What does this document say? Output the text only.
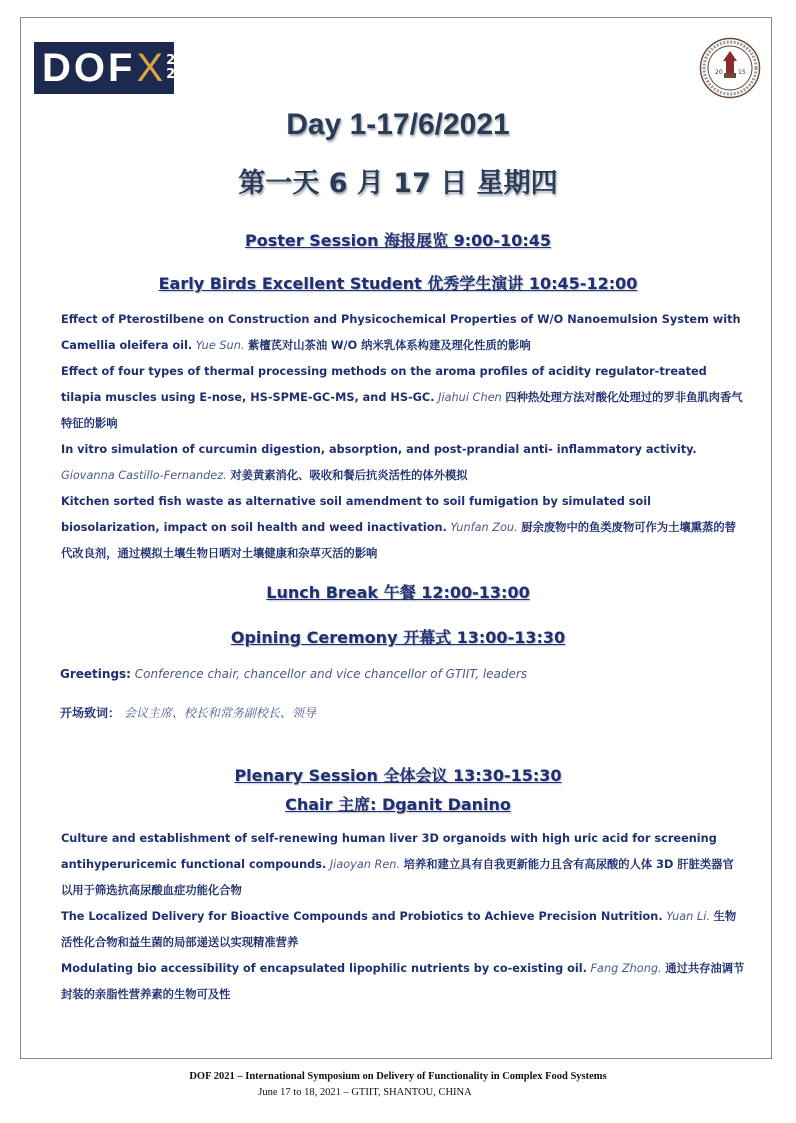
DOF X 20
21	20	15
Day 1-17/6/2021
第一天 6 月 17 日 星期四
Poster Session 海报展览 9:00-10:45
Early Birds Excellent Student 优秀学生演讲 10:45-12:00
Effect of Pterostilbene on Construction and Physicochemical Properties of W/O Nanoemulsion System with Camellia oleifera oil. Yue Sun. 紫檀芪对山茶油 W/O 纳米乳体系构建及理化性质的影响
Effect of four types of thermal processing methods on the aroma profiles of acidity regulator-treated tilapia muscles using E-nose, HS-SPME-GC-MS, and HS-GC. Jiahui Chen 四种热处理方法对酸化处理过的罗非鱼肌肉香气特征的影响
In vitro simulation of curcumin digestion, absorption, and post-prandial anti- inflammatory activity. Giovanna Castillo-Fernandez. 对姜黄素消化、吸收和餐后抗炎活性的体外模拟
Kitchen sorted fish waste as alternative soil amendment to soil fumigation by simulated soil biosolarization, impact on soil health and weed inactivation. Yunfan Zou. 厨余废物中的鱼类废物可作为土壤熏蒸的替代改良剂，通过模拟土壤生物日晒对土壤健康和杂草灭活的影响
Lunch Break 午餐 12:00-13:00
Opining Ceremony 开幕式 13:00-13:30
Greetings: Conference chair, chancellor and vice chancellor of GTIIT, leaders
开场致词： 会议主席、校长和常务副校长、领导
Plenary Session 全体会议 13:30-15:30
Chair 主席: Dganit Danino
Culture and establishment of self-renewing human liver 3D organoids with high uric acid for screening antihyperuricemic functional compounds. Jiaoyan Ren. 培养和建立具有自我更新能力且含有高尿酸的人体 3D 肝脏类器官以用于筛选抗高尿酸血症功能化合物
The Localized Delivery for Bioactive Compounds and Probiotics to Achieve Precision Nutrition. Yuan Li. 生物活性化合物和益生菌的局部递送以实现精准营养
Modulating bio accessibility of encapsulated lipophilic nutrients by co-existing oil. Fang Zhong. 通过共存油调节封装的亲脂性营养素的生物可及性
DOF 2021 – International Symposium on Delivery of Functionality in Complex Food Systems
June 17 to 18, 2021 – GTIIT, SHANTOU, CHINA
